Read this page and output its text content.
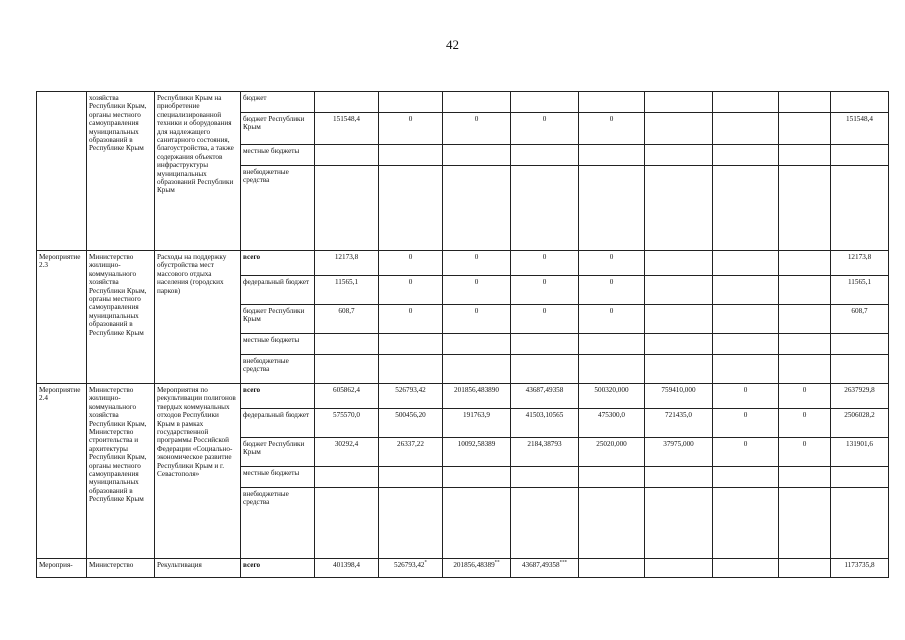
42
	хозяйства Республики Крым, органы местного самоуправления муниципальных образований в Республике Крым	Республики Крым на приобретение специализированной техники и оборудования для надлежащего санитарного состояния, благоустройства, а также содержания объектов инфраструктуры муниципальных образований Республики Крым	бюджет									
			бюджет Республики Крым	151548,4	0	0	0	0				151548,4
			местные бюджеты									
			внебюджетные средства									
Мероприятие 2.3	Министерство жилищно-коммунального хозяйства Республики Крым, органы местного самоуправления муниципальных образований в Республике Крым	Расходы на поддержку обустройства мест массового отдыха населения (городских парков)	всего	12173,8	0	0	0	0				12173,8
			федеральный бюджет	11565,1	0	0	0	0				11565,1
			бюджет Республики Крым	608,7	0	0	0	0				608,7
			местные бюджеты									
			внебюджетные средства									
Мероприятие 2.4	Министерство жилищно-коммунального хозяйства Республики Крым, Министерство строительства и архитектуры Республики Крым, органы местного самоуправления муниципальных образований в Республике Крым	Мероприятия по рекультивации полигонов твердых коммунальных отходов Республики Крым в рамках государственной программы Российской Федерации «Социально-экономическое развитие Республики Крым и г. Севастополя»	всего	605862,4	526793,42	201856,483890	43687,49358	500320,000	759410,000	0	0	2637929,8
			федеральный бюджет	575570,0	500456,20	191763,9	41503,10565	475300,0	721435,0	0	0	2506028,2
			бюджет Республики Крым	30292,4	26337,22	10092,58389	2184,38793	25020,000	37975,000	0	0	131901,6
			местные бюджеты									
			внебюджетные средства									
Мероприя-	Министерство	Рекультивация	всего	401398,4	526793,42*	201856,48389**	43687,49358***					1173735,8
